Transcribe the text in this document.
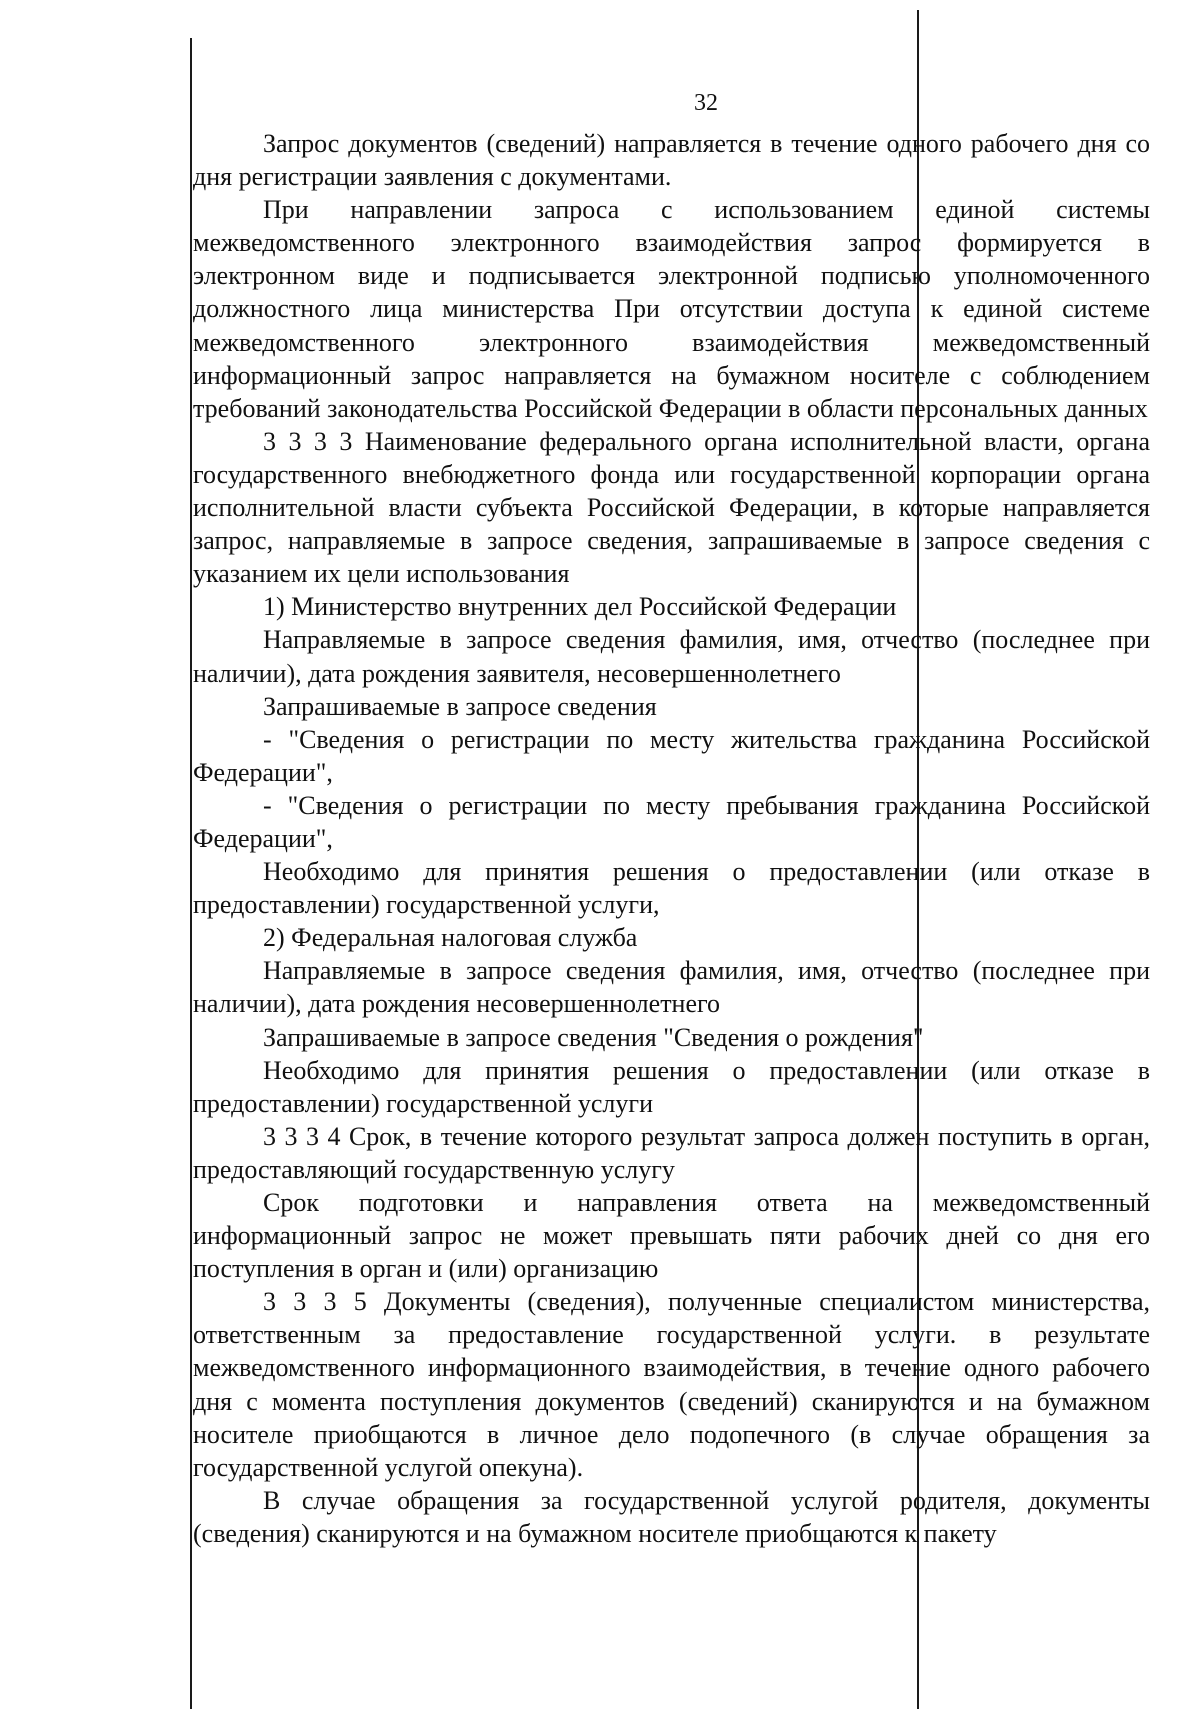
32

Запрос документов (сведений) направляется в течение одного рабочего дня со дня регистрации заявления с документами.

При направлении запроса с использованием единой системы межведомственного электронного взаимодействия запрос формируется в электронном виде и подписывается электронной подписью уполномоченного должностного лица министерства При отсутствии доступа к единой системе межведомственного электронного взаимодействия межведомственный информационный запрос направляется на бумажном носителе с соблюдением требований законодательства Российской Федерации в области персональных данных

3 3 3 3 Наименование федерального органа исполнительной власти, органа государственного внебюджетного фонда или государственной корпорации органа исполнительной власти субъекта Российской Федерации, в которые направляется запрос, направляемые в запросе сведения, запрашиваемые в запросе сведения с указанием их цели использования

1) Министерство внутренних дел Российской Федерации

Направляемые в запросе сведения фамилия, имя, отчество (последнее при наличии), дата рождения заявителя, несовершеннолетнего

Запрашиваемые в запросе сведения

- "Сведения о регистрации по месту жительства гражданина Российской Федерации",

- "Сведения о регистрации по месту пребывания гражданина Российской Федерации",

Необходимо для принятия решения о предоставлении (или отказе в предоставлении) государственной услуги,

2) Федеральная налоговая служба

Направляемые в запросе сведения фамилия, имя, отчество (последнее при наличии), дата рождения несовершеннолетнего

Запрашиваемые в запросе сведения "Сведения о рождения"

Необходимо для принятия решения о предоставлении (или отказе в предоставлении) государственной услуги

3 3 3 4 Срок, в течение которого результат запроса должен поступить в орган, предоставляющий государственную услугу

Срок подготовки и направления ответа на межведомственный информационный запрос не может превышать пяти рабочих дней со дня его поступления в орган и (или) организацию

3 3 3 5 Документы (сведения), полученные специалистом министерства, ответственным за предоставление государственной услуги. в результате межведомственного информационного взаимодействия, в течение одного рабочего дня с момента поступления документов (сведений) сканируются и на бумажном носителе приобщаются в личное дело подопечного (в случае обращения за государственной услугой опекуна).

В случае обращения за государственной услугой родителя, документы (сведения) сканируются и на бумажном носителе приобщаются к пакету
